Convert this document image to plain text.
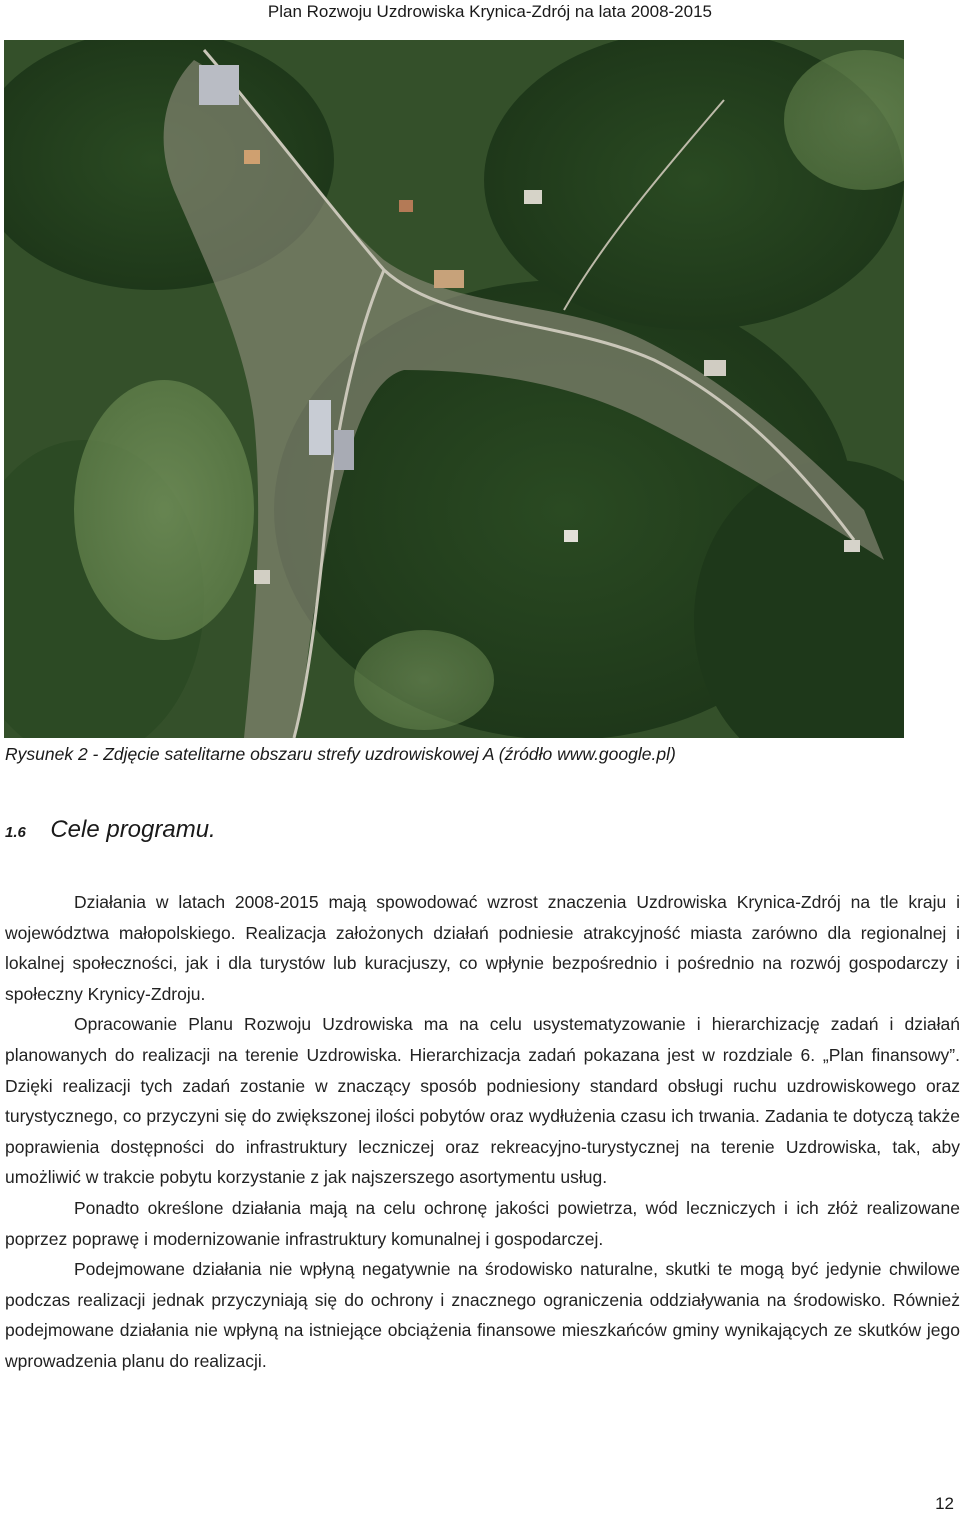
Plan Rozwoju Uzdrowiska Krynica-Zdrój na lata 2008-2015
Rysunek 2 - Zdjęcie satelitarne obszaru strefy uzdrowiskowej A (źródło www.google.pl)
1.6 Cele programu.

Działania w latach 2008-2015 mają spowodować wzrost znaczenia Uzdrowiska Krynica-Zdrój na tle kraju i województwa małopolskiego. Realizacja założonych działań podniesie atrakcyjność miasta zarówno dla regionalnej i lokalnej społeczności, jak i dla turystów lub kuracjuszy, co wpłynie bezpośrednio i pośrednio na rozwój gospodarczy i społeczny Krynicy-Zdroju.

Opracowanie Planu Rozwoju Uzdrowiska ma na celu usystematyzowanie i hierarchizację zadań i działań planowanych do realizacji na terenie Uzdrowiska. Hierarchizacja zadań pokazana jest w rozdziale 6. „Plan finansowy”. Dzięki realizacji tych zadań zostanie w znaczący sposób podniesiony standard obsługi ruchu uzdrowiskowego oraz turystycznego, co przyczyni się do zwiększonej ilości pobytów oraz wydłużenia czasu ich trwania. Zadania te dotyczą także poprawienia dostępności do infrastruktury leczniczej oraz rekreacyjno-turystycznej na terenie Uzdrowiska, tak, aby umożliwić w trakcie pobytu korzystanie z jak najszerszego asortymentu usług.

Ponadto określone działania mają na celu ochronę jakości powietrza, wód leczniczych i ich złóż realizowane poprzez poprawę i modernizowanie infrastruktury komunalnej i gospodarczej.

Podejmowane działania nie wpłyną negatywnie na środowisko naturalne, skutki te mogą być jedynie chwilowe podczas realizacji jednak przyczyniają się do ochrony i znacznego ograniczenia oddziaływania na środowisko. Również podejmowane działania nie wpłyną na istniejące obciążenia finansowe mieszkańców gminy wynikających ze skutków jego wprowadzenia planu do realizacji.

12
